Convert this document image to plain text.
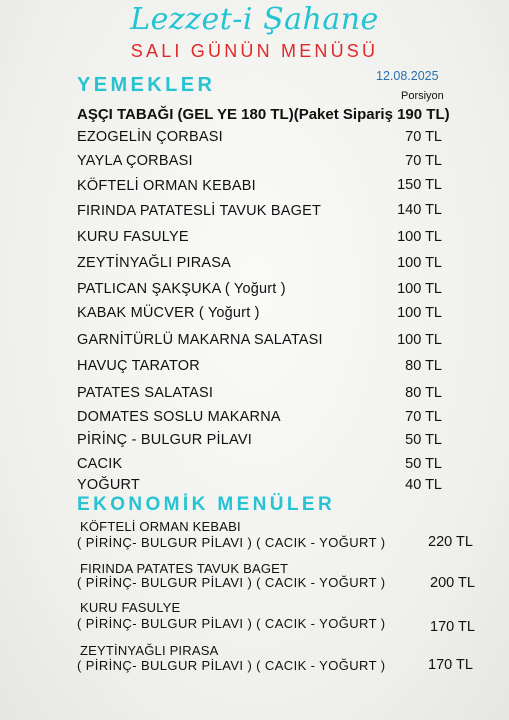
Lezzet-i Şahane
SALI GÜNÜN MENÜSÜ
12.08.2025
YEMEKLER	Porsiyon
AŞÇI TABAĞI (GEL YE 180 TL)(Paket Sipariş 190 TL)
EZOGELİN ÇORBASI	70 TL
YAYLA ÇORBASI	70 TL
KÖFTELİ ORMAN KEBABI	150 TL
FIRINDA PATATESLİ TAVUK BAGET	140 TL
KURU FASULYE	100 TL
ZEYTİNYAĞLI PIRASA	100 TL
PATLICAN ŞAKŞUKA ( Yoğurt )	100 TL
KABAK MÜCVER ( Yoğurt )	100 TL
GARNİTÜRLÜ MAKARNA SALATASI	100 TL
HAVUÇ TARATOR	80 TL
PATATES SALATASI	80 TL
DOMATES SOSLU MAKARNA	70 TL
PİRİNÇ - BULGUR PİLAVI	50 TL
CACIK	50 TL
YOĞURT	40 TL
EKONOMİK MENÜLER
KÖFTELİ ORMAN KEBABI
( PİRİNÇ- BULGUR PİLAVI ) ( CACIK - YOĞURT )	220 TL
FIRINDA PATATES TAVUK BAGET
( PİRİNÇ- BULGUR PİLAVI ) ( CACIK - YOĞURT )	200 TL
KURU FASULYE
( PİRİNÇ- BULGUR PİLAVI ) ( CACIK - YOĞURT )	170 TL
ZEYTİNYAĞLI PIRASA
( PİRİNÇ- BULGUR PİLAVI ) ( CACIK - YOĞURT )	170 TL
